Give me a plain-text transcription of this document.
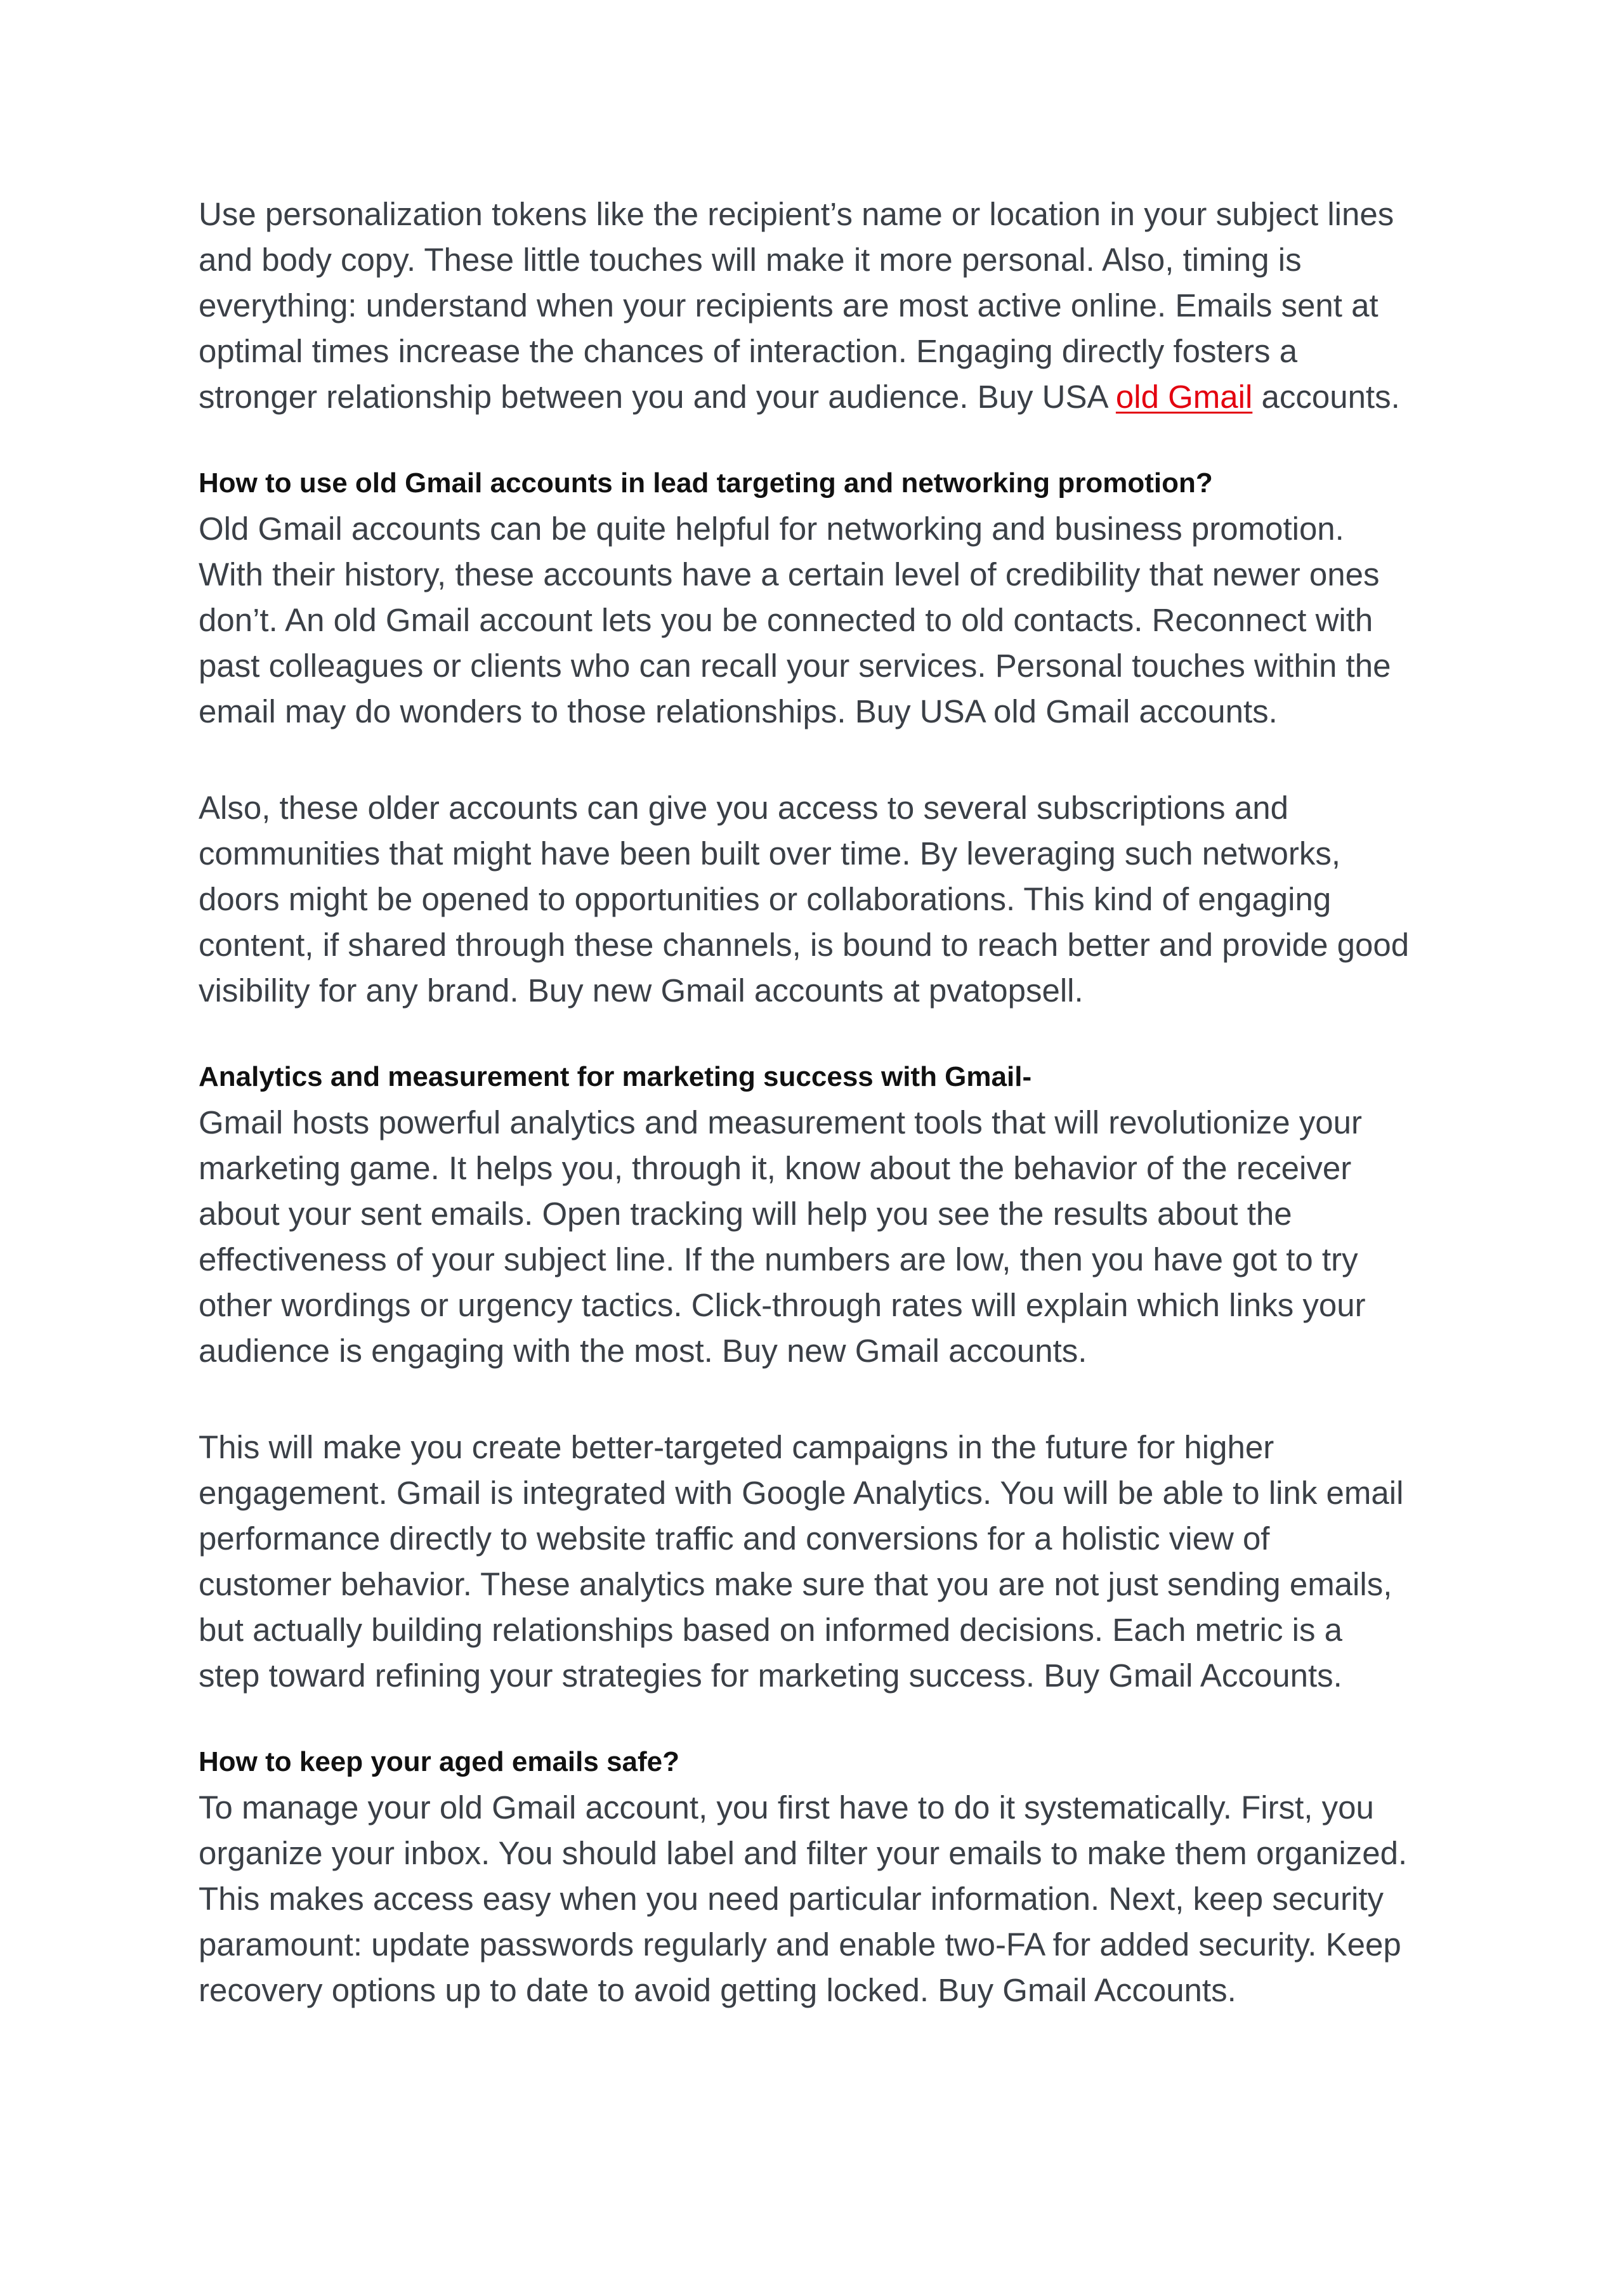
Use personalization tokens like the recipient’s name or location in your subject lines
and body copy. These little touches will make it more personal. Also, timing is
everything: understand when your recipients are most active online. Emails sent at
optimal times increase the chances of interaction. Engaging directly fosters a
stronger relationship between you and your audience. Buy USA old Gmail accounts.

How to use old Gmail accounts in lead targeting and networking promotion?

Old Gmail accounts can be quite helpful for networking and business promotion.
With their history, these accounts have a certain level of credibility that newer ones
don’t. An old Gmail account lets you be connected to old contacts. Reconnect with
past colleagues or clients who can recall your services. Personal touches within the
email may do wonders to those relationships. Buy USA old Gmail accounts.

Also, these older accounts can give you access to several subscriptions and
communities that might have been built over time. By leveraging such networks,
doors might be opened to opportunities or collaborations. This kind of engaging
content, if shared through these channels, is bound to reach better and provide good
visibility for any brand. Buy new Gmail accounts at pvatopsell.

Analytics and measurement for marketing success with Gmail-

Gmail hosts powerful analytics and measurement tools that will revolutionize your
marketing game. It helps you, through it, know about the behavior of the receiver
about your sent emails. Open tracking will help you see the results about the
effectiveness of your subject line. If the numbers are low, then you have got to try
other wordings or urgency tactics. Click-through rates will explain which links your
audience is engaging with the most. Buy new Gmail accounts.

This will make you create better-targeted campaigns in the future for higher
engagement. Gmail is integrated with Google Analytics. You will be able to link email
performance directly to website traffic and conversions for a holistic view of
customer behavior. These analytics make sure that you are not just sending emails,
but actually building relationships based on informed decisions. Each metric is a
step toward refining your strategies for marketing success. Buy Gmail Accounts.

How to keep your aged emails safe?

To manage your old Gmail account, you first have to do it systematically. First, you
organize your inbox. You should label and filter your emails to make them organized.
This makes access easy when you need particular information. Next, keep security
paramount: update passwords regularly and enable two-FA for added security. Keep
recovery options up to date to avoid getting locked. Buy Gmail Accounts.
